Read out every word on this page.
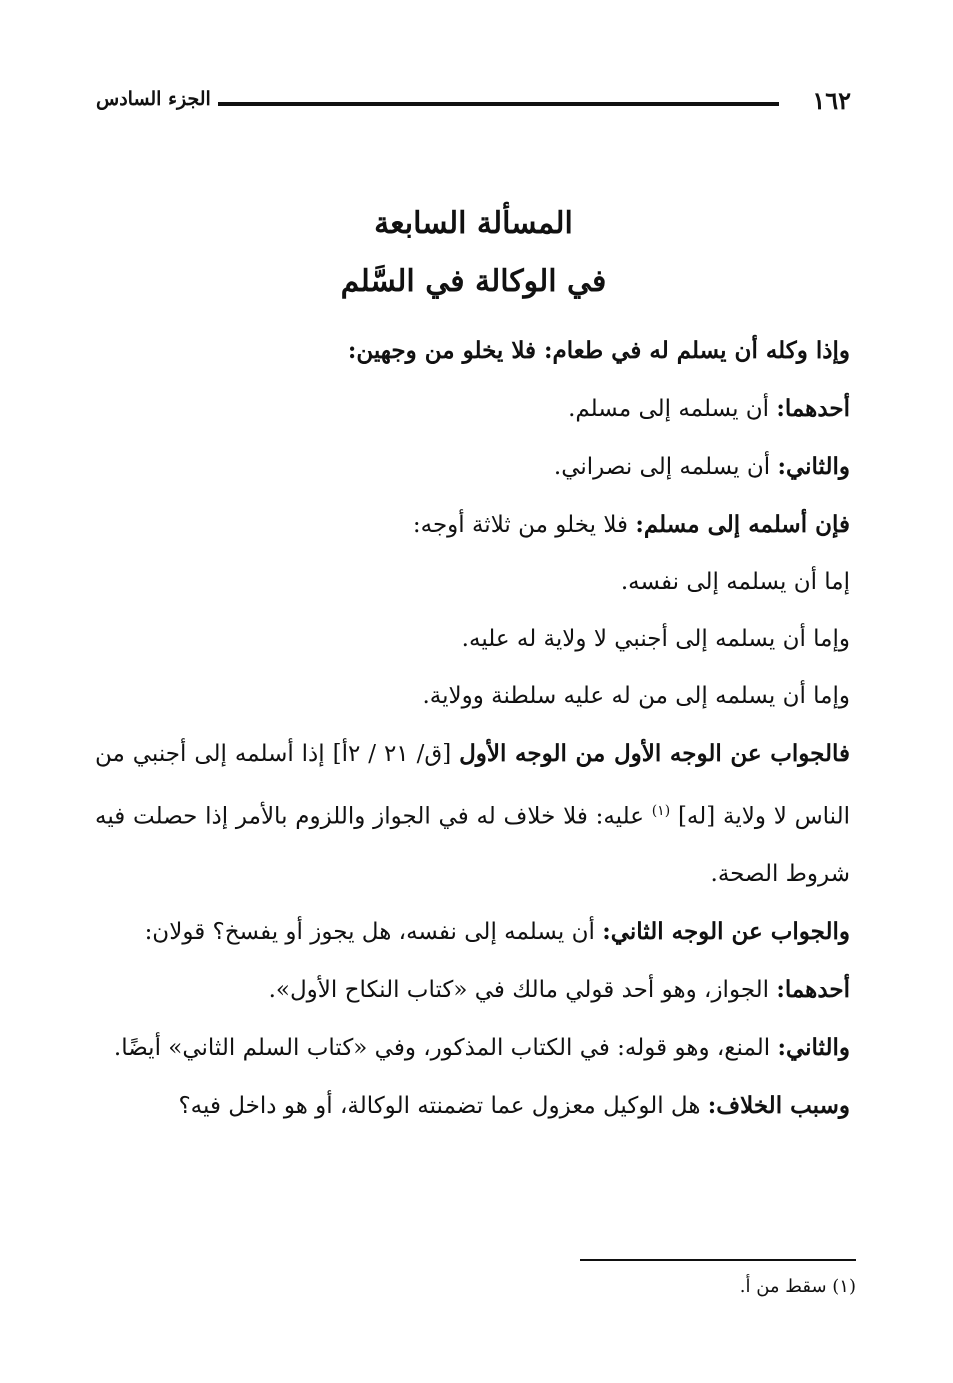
١٦٢
الجزء السادس
المسألة السابعة
في الوكالة في السَّلم

وإذا وكله أن يسلم له في طعام: فلا يخلو من وجهين:

أحدهما: أن يسلمه إلى مسلم.

والثاني: أن يسلمه إلى نصراني.

فإن أسلمه إلى مسلم: فلا يخلو من ثلاثة أوجه:

إما أن يسلمه إلى نفسه.

وإما أن يسلمه إلى أجنبي لا ولاية له عليه.

وإما أن يسلمه إلى من له عليه سلطنة وولاية.

فالجواب عن الوجه الأول من الوجه الأول [ق/ ٢١ / ٢أ] إذا أسلمه إلى أجنبي من الناس لا ولاية [له] $^{(١)}$ عليه: فلا خلاف له في الجواز واللزوم بالأمر إذا حصلت فيه شروط الصحة.

والجواب عن الوجه الثاني: أن يسلمه إلى نفسه، هل يجوز أو يفسخ؟ قولان:

أحدهما: الجواز، وهو أحد قولي مالك في «كتاب النكاح الأول».

والثاني: المنع، وهو قوله: في الكتاب المذكور، وفي «كتاب السلم الثاني» أيضًا.

وسبب الخلاف: هل الوكيل معزول عما تضمنته الوكالة، أو هو داخل فيه؟

(١) سقط من أ.
